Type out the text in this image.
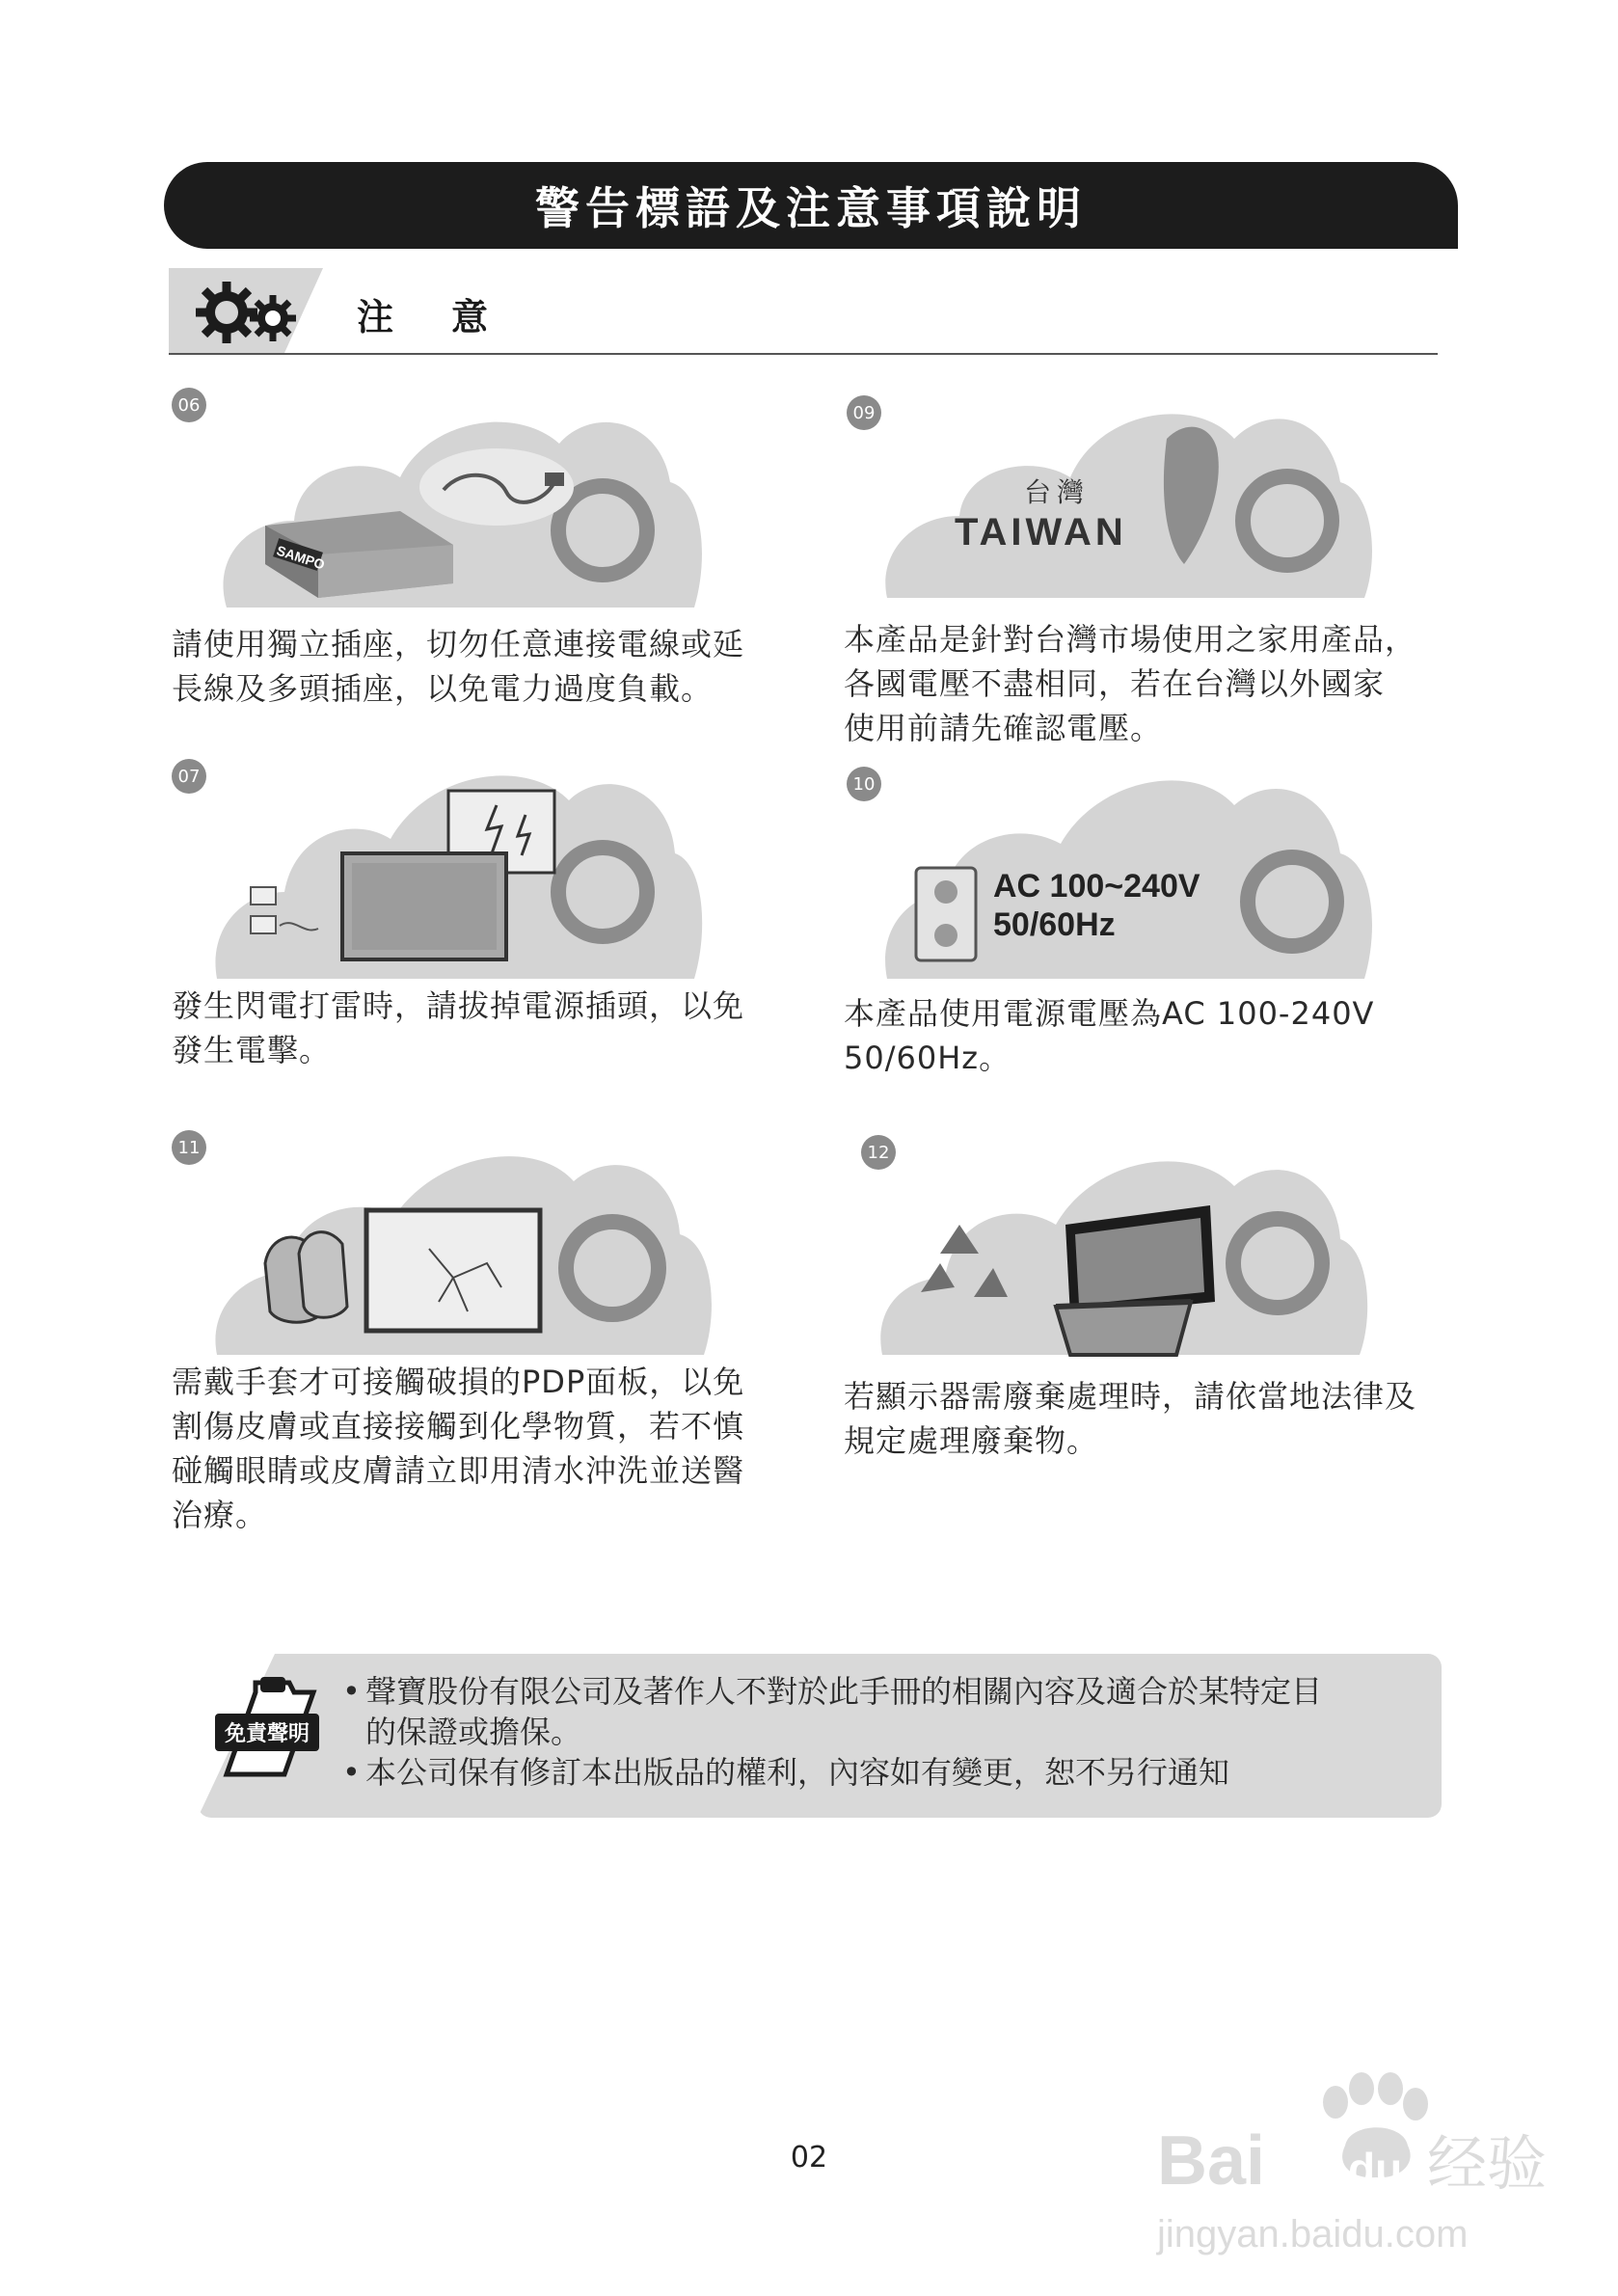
警告標語及注意事項說明
注意
06
SAMPO
請使用獨立插座，切勿任意連接電線或延
長線及多頭插座，以免電力過度負載。
09
台灣
TAIWAN
本產品是針對台灣市場使用之家用產品，
各國電壓不盡相同，若在台灣以外國家
使用前請先確認電壓。
07
發生閃電打雷時，請拔掉電源插頭，以免
發生電擊。
10
AC 100~240V
50/60Hz
本產品使用電源電壓為AC 100-240V
50/60Hz。
11
需戴手套才可接觸破損的PDP面板，以免
割傷皮膚或直接接觸到化學物質，若不慎
碰觸眼睛或皮膚請立即用清水沖洗並送醫
治療。
12
若顯示器需廢棄處理時，請依當地法律及
規定處理廢棄物。
免責聲明
• 聲寶股份有限公司及著作人不對於此手冊的相關內容及適合於某特定目
的保證或擔保。
• 本公司保有修訂本出版品的權利，內容如有變更，恕不另行通知
02	Bai du 经验
jingyan.baidu.com
